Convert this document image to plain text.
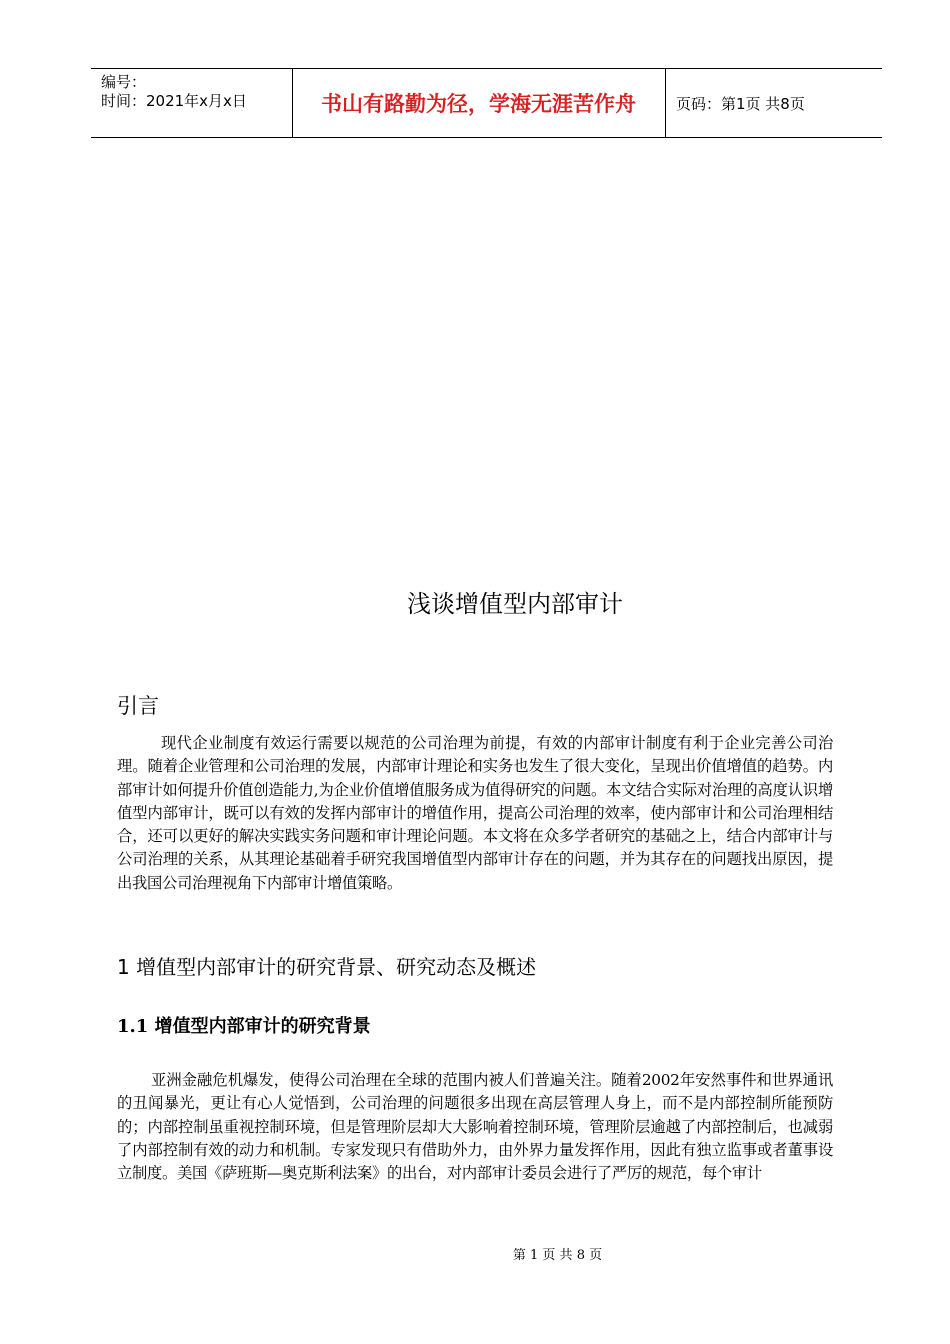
编号：
时间：2021年x月x日	书山有路勤为径，学海无涯苦作舟	页码：第1页 共8页
浅谈增值型内部审计
引言

现代企业制度有效运行需要以规范的公司治理为前提，有效的内部审计制度有利于企业完善公司治理。随着企业管理和公司治理的发展，内部审计理论和实务也发生了很大变化，呈现出价值增值的趋势。内部审计如何提升价值创造能力,为企业价值增值服务成为值得研究的问题。本文结合实际对治理的高度认识增值型内部审计，既可以有效的发挥内部审计的增值作用，提高公司治理的效率，使内部审计和公司治理相结合，还可以更好的解决实践实务问题和审计理论问题。本文将在众多学者研究的基础之上，结合内部审计与公司治理的关系，从其理论基础着手研究我国增值型内部审计存在的问题，并为其存在的问题找出原因，提出我国公司治理视角下内部审计增值策略。

1 增值型内部审计的研究背景、研究动态及概述
1.1 增值型内部审计的研究背景

亚洲金融危机爆发，使得公司治理在全球的范围内被人们普遍关注。随着2002年安然事件和世界通讯的丑闻暴光，更让有心人觉悟到，公司治理的问题很多出现在高层管理人身上，而不是内部控制所能预防的；内部控制虽重视控制环境，但是管理阶层却大大影响着控制环境，管理阶层逾越了内部控制后，也减弱了内部控制有效的动力和机制。专家发现只有借助外力，由外界力量发挥作用，因此有独立监事或者董事设立制度。美国《萨班斯—奥克斯利法案》的出台，对内部审计委员会进行了严厉的规范，每个审计

第 1 页 共 8 页
